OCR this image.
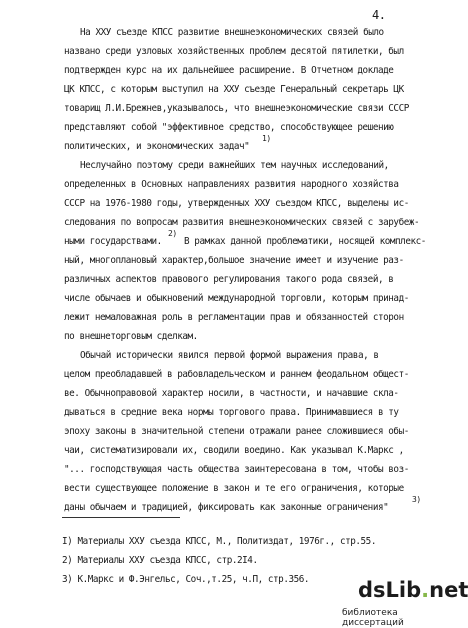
4.
На XXУ съезде КПСС развитие внешнеэкономических связей было
названо среди узловых хозяйственных проблем десятой пятилетки, был
подтвержден курс на их дальнейшее расширение. В Отчетном докладе
ЦК КПСС, с которым выступил на XXУ съезде Генеральный секретарь ЦК
товарищ Л.И.Брежнев,указывалось, что внешнеэкономические связи СССР
представляют собой "эффективное средство, способствующее решению
политических, и экономических задач"
1)
Неслучайно поэтому среди важнейших тем научных исследований,
определенных в Основных направлениях развития народного хозяйства
СССР на 1976-1980 годы, утвержденных XXУ съездом КПСС, выделены ис-
следования по вопросам развития внешнеэкономических связей с зарубеж-
ными государствами.
2)
В рамках данной проблематики, носящей комплекс-
ный, многоплановый характер,большое значение имеет и изучение раз-
различных аспектов правового регулирования такого рода связей, в
числе обычаев и обыкновений международной торговли, которым принад-
лежит немаловажная роль в регламентации прав и обязанностей сторон
по внешнеторговым сделкам.
Обычай исторически явился первой формой выражения права, в
целом преобладавшей в рабовладельческом и раннем феодальном общест-
ве. Обычноправовой характер носили, в частности, и начавшие скла-
дываться в средние века нормы торгового права. Принимавшиеся в ту
эпоху законы в значительной степени отражали ранее сложившиеся обы-
чаи, систематизировали их, сводили воедино. Как указывал К.Маркс ,
"... господствующая часть общества заинтересована в том, чтобы воз-
вести существующее положение в закон и те его ограничения, которые
даны обычаем и традицией, фиксировать как законные ограничения"
3)
I) Материалы XXУ съезда КПСС, М., Политиздат, 1976г., стр.55.
2) Материалы XXУ съезда КПСС, стр.2I4.
3) К.Маркс и Ф.Энгельс, Соч.,т.25, ч.П, стр.356. dsLib.net
библиотека диссертаций
